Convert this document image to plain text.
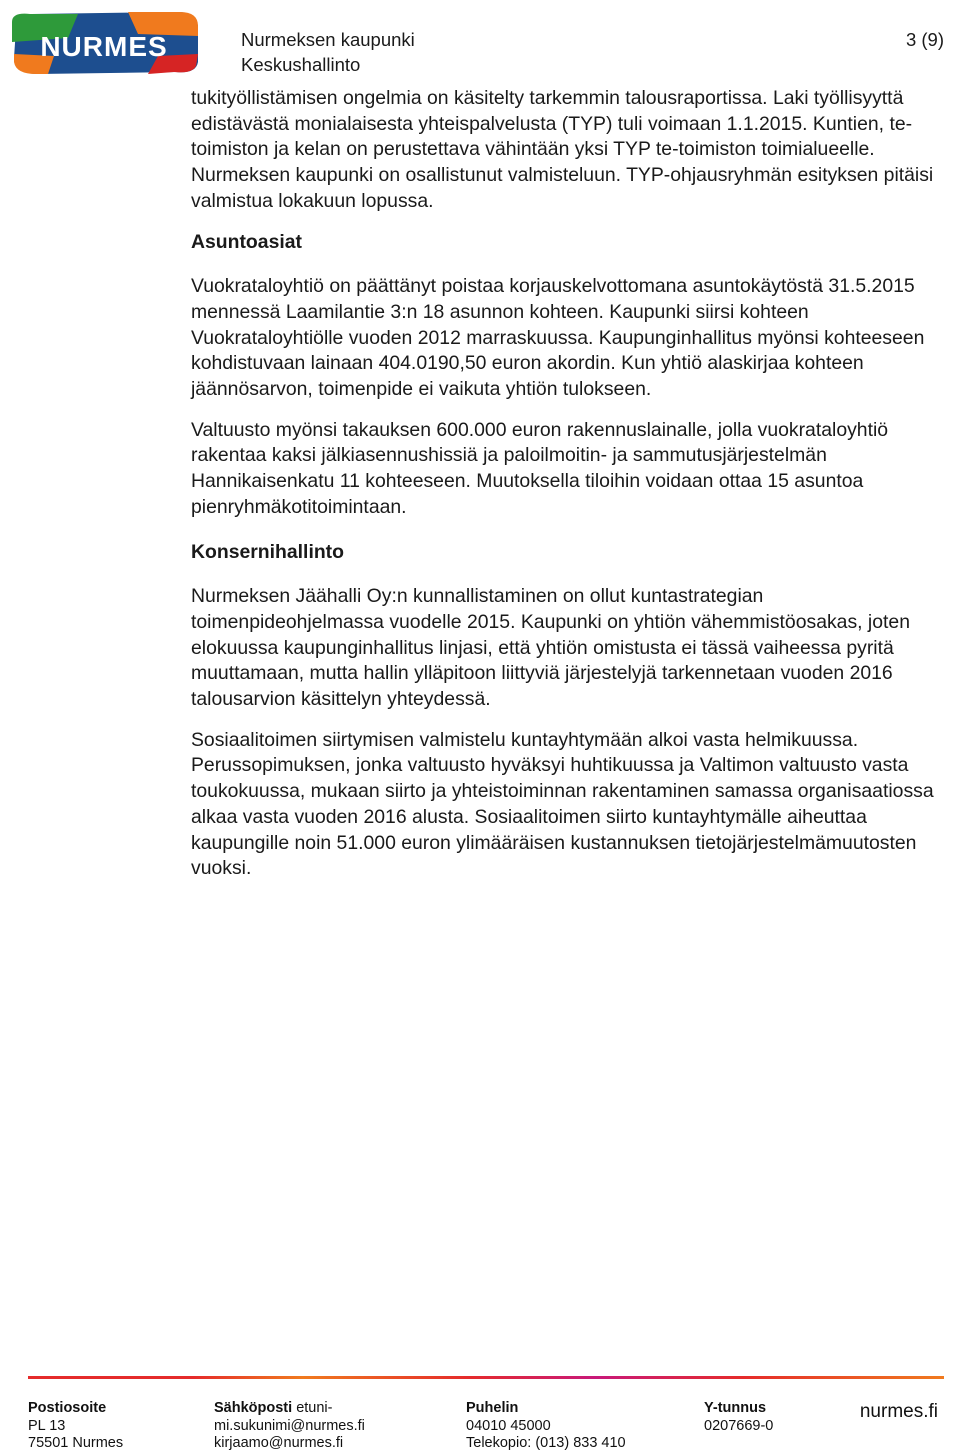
NURMES	Nurmeksen kaupunki
Keskushallinto
3 (9)

tukityöllistämisen ongelmia on käsitelty tarkemmin talousraportissa. Laki työllisyyttä edistävästä monialaisesta yhteispalvelusta (TYP) tuli voimaan 1.1.2015. Kuntien, te-toimiston ja kelan on perustettava vähintään yksi TYP te-toimiston toimialueelle. Nurmeksen kaupunki on osallistunut valmisteluun. TYP-ohjausryhmän esityksen pitäisi valmistua lokakuun lopussa.

Asuntoasiat

Vuokrataloyhtiö on päättänyt poistaa korjauskelvottomana asuntokäytöstä 31.5.2015 mennessä Laamilantie 3:n 18 asunnon kohteen. Kaupunki siirsi kohteen Vuokrataloyhtiölle vuoden 2012 marraskuussa. Kaupunginhallitus myönsi kohteeseen kohdistuvaan lainaan 404.0190,50 euron akordin. Kun yhtiö alaskirjaa kohteen jäännösarvon, toimenpide ei vaikuta yhtiön tulokseen.

Valtuusto myönsi takauksen 600.000 euron rakennuslainalle, jolla vuokrataloyhtiö rakentaa kaksi jälkiasennushissiä ja paloilmoitin- ja sammutusjärjestelmän Hannikaisenkatu 11 kohteeseen. Muutoksella tiloihin voidaan ottaa 15 asuntoa pienryhmäkotitoimintaan.

Konsernihallinto

Nurmeksen Jäähalli Oy:n kunnallistaminen on ollut kuntastrategian toimenpideohjelmassa vuodelle 2015. Kaupunki on yhtiön vähemmistöosakas, joten elokuussa kaupunginhallitus linjasi, että yhtiön omistusta ei tässä vaiheessa pyritä muuttamaan, mutta hallin ylläpitoon liittyviä järjestelyjä tarkennetaan vuoden 2016 talousarvion käsittelyn yhteydessä.

Sosiaalitoimen siirtymisen valmistelu kuntayhtymään alkoi vasta helmikuussa. Perussopimuksen, jonka valtuusto hyväksyi huhtikuussa ja Valtimon valtuusto vasta toukokuussa, mukaan siirto ja yhteistoiminnan rakentaminen samassa organisaatiossa alkaa vasta vuoden 2016 alusta. Sosiaalitoimen siirto kuntayhtymälle aiheuttaa kaupungille noin 51.000 euron ylimääräisen kustannuksen tietojärjestelmämuutosten vuoksi.

Postiosoite
PL 13
75501 Nurmes
Sähköposti etuni-
mi.sukunimi@nurmes.fi
kirjaamo@nurmes.fi
Puhelin
04010 45000
Telekopio: (013) 833 410
Y-tunnus
0207669-0
nurmes.fi
